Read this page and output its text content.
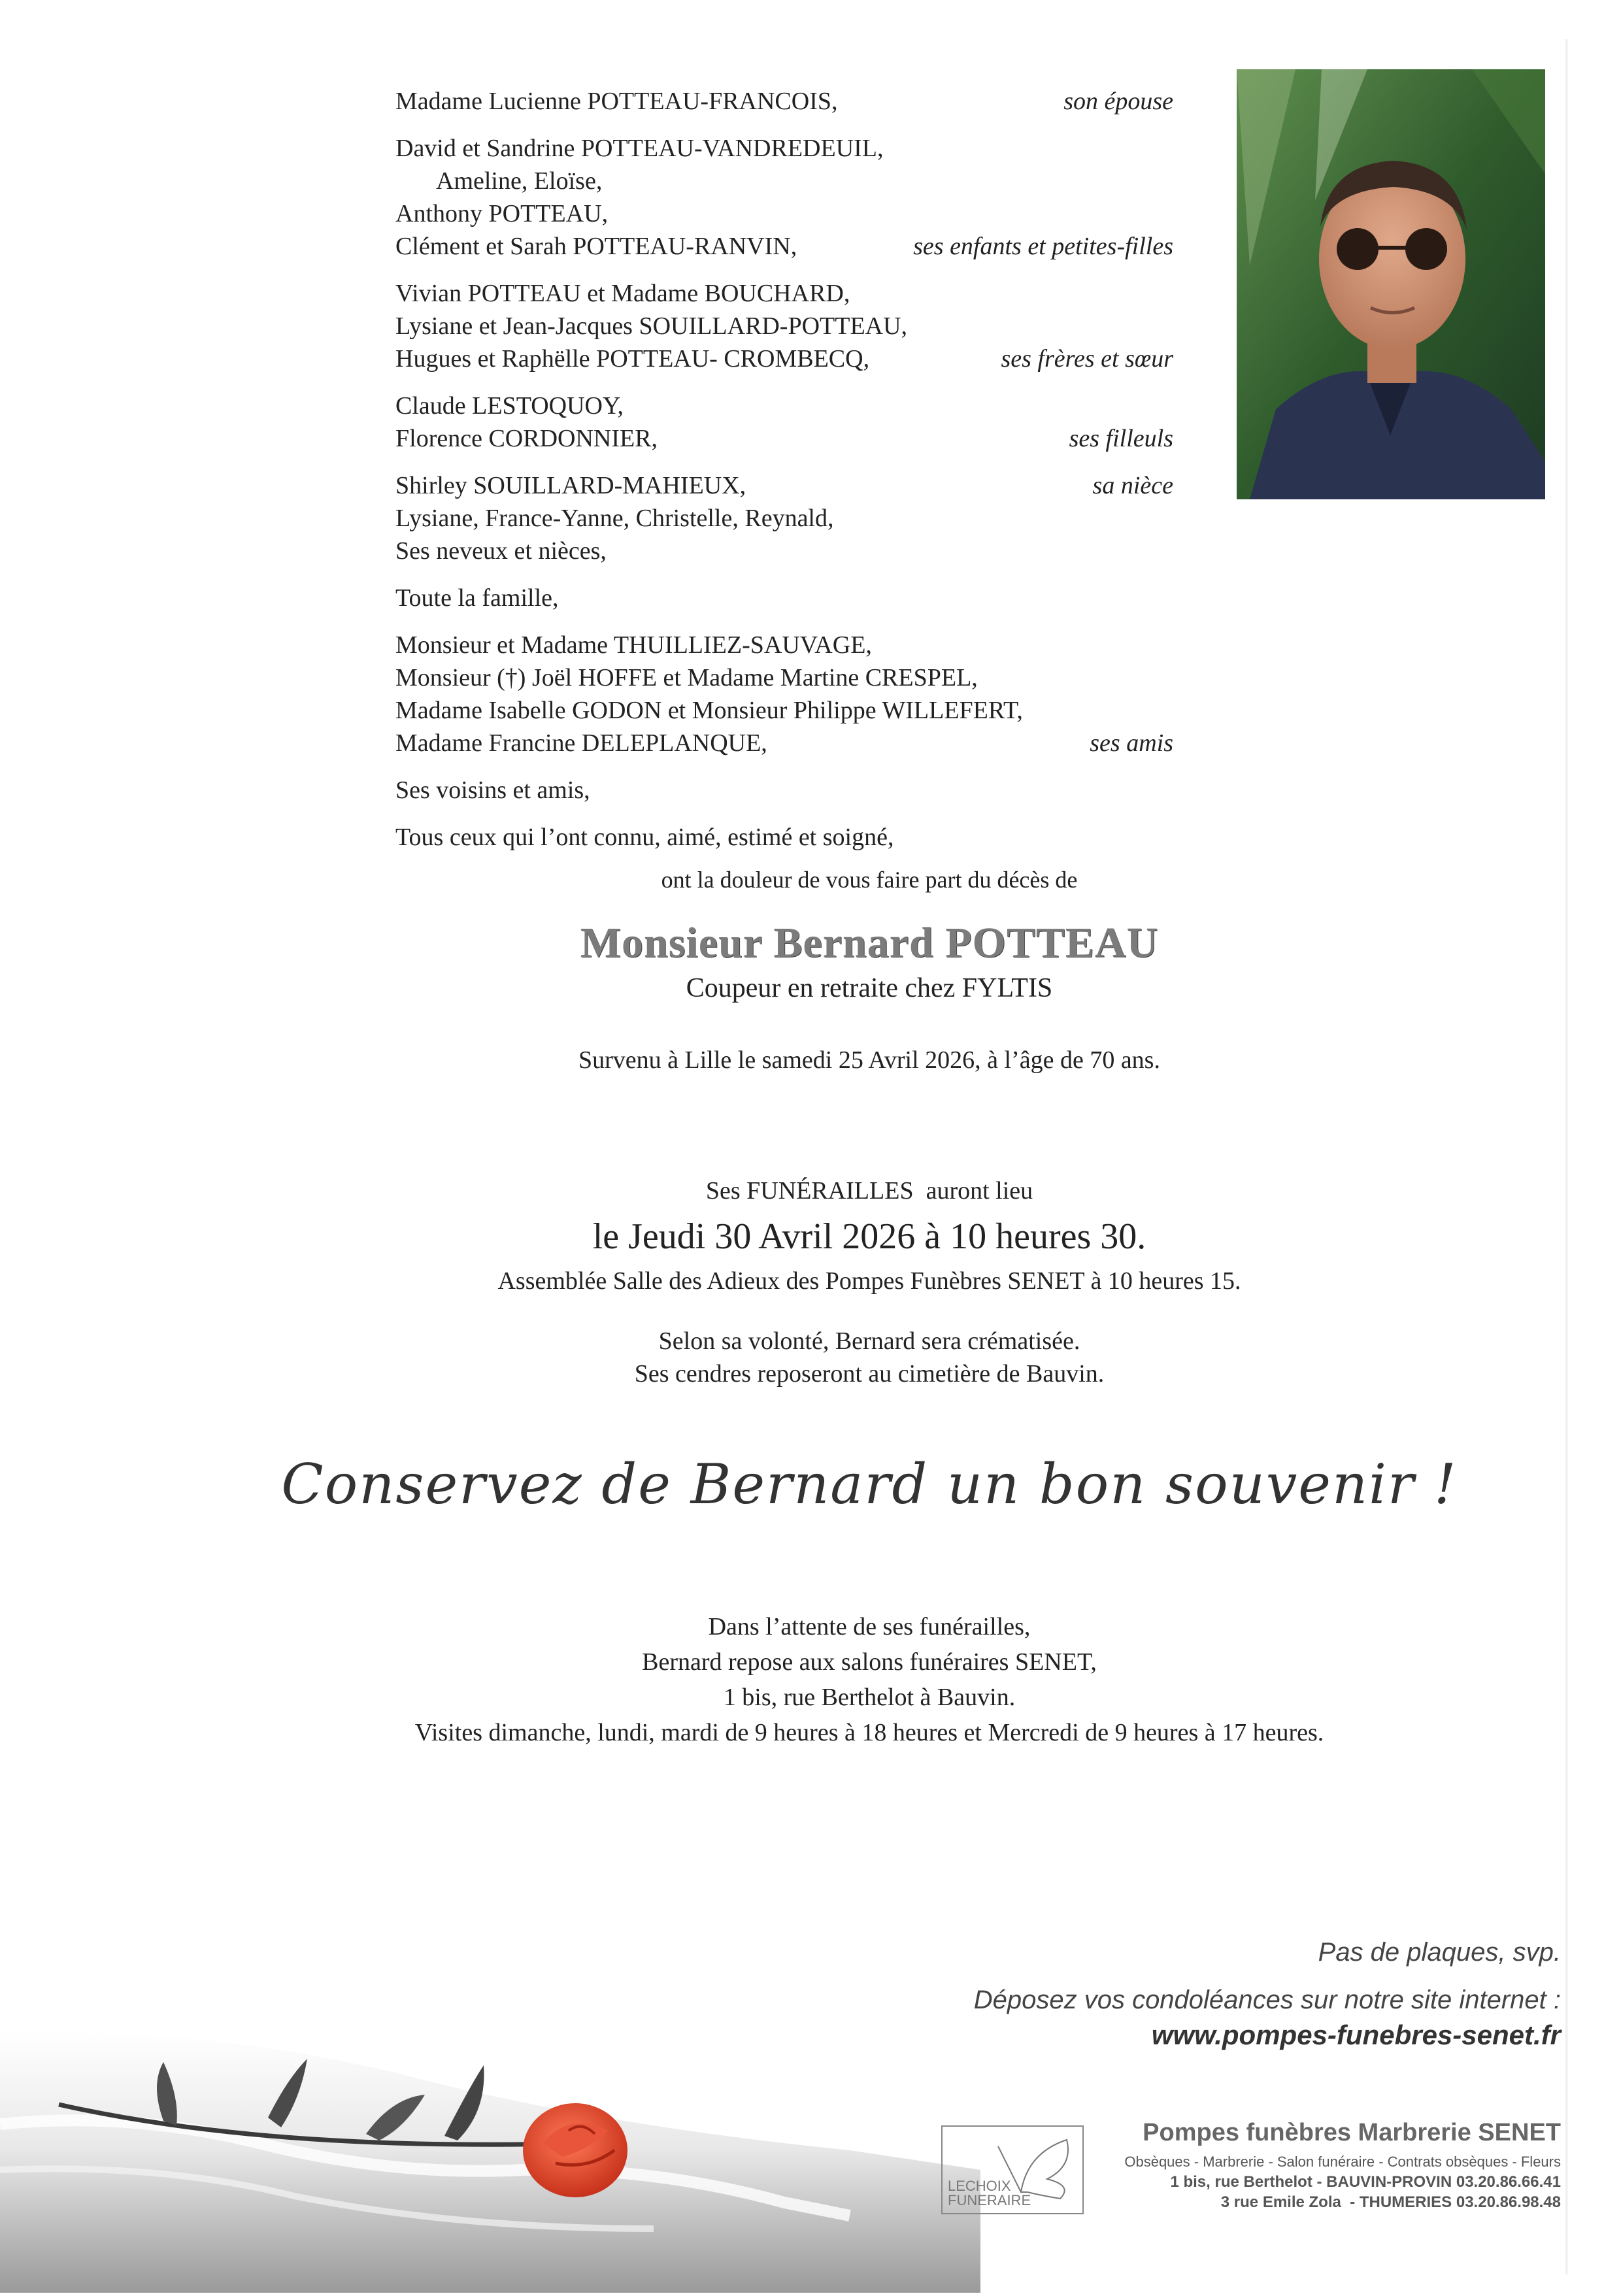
Madame Lucienne POTTEAU-FRANCOIS,	son épouse
David et Sandrine POTTEAU-VANDREDEUIL,
Ameline, Eloïse,
Anthony POTTEAU,
Clément et Sarah POTTEAU-RANVIN,	ses enfants et petites-filles
Vivian POTTEAU et Madame BOUCHARD,
Lysiane et Jean-Jacques SOUILLARD-POTTEAU,
Hugues et Raphëlle POTTEAU- CROMBECQ,	ses frères et sœur
Claude LESTOQUOY,
Florence CORDONNIER,	ses filleuls
Shirley SOUILLARD-MAHIEUX,	sa nièce
Lysiane, France-Yanne, Christelle, Reynald,
Ses neveux et nièces,
Toute la famille,
Monsieur et Madame THUILLIEZ-SAUVAGE,
Monsieur (†) Joël HOFFE et Madame Martine CRESPEL,
Madame Isabelle GODON et Monsieur Philippe WILLEFERT,
Madame Francine DELEPLANQUE,	ses amis
Ses voisins et amis,
Tous ceux qui l’ont connu, aimé, estimé et soigné,
ont la douleur de vous faire part du décès de
Monsieur Bernard POTTEAU
Coupeur en retraite chez FYLTIS
Survenu à Lille le samedi 25 Avril 2026, à l’âge de 70 ans.
Ses FUNÉRAILLES  auront lieu
le Jeudi 30 Avril 2026 à 10 heures 30.
Assemblée Salle des Adieux des Pompes Funèbres SENET à 10 heures 15.
Selon sa volonté, Bernard sera crématisée.
Ses cendres reposeront au cimetière de Bauvin.
Conservez de Bernard un bon souvenir !
Dans l’attente de ses funérailles,
Bernard repose aux salons funéraires SENET,
1 bis, rue Berthelot à Bauvin.
Visites dimanche, lundi, mardi de 9 heures à 18 heures et Mercredi de 9 heures à 17 heures.
Pas de plaques, svp.
Déposez vos condoléances sur notre site internet :
www.pompes-funebres-senet.fr
LECHOIX
FUNERAIRE
Pompes funèbres Marbrerie SENET
Obsèques - Marbrerie - Salon funéraire - Contrats obsèques - Fleurs
1 bis, rue Berthelot - BAUVIN-PROVIN 03.20.86.66.41
3 rue Emile Zola  - THUMERIES 03.20.86.98.48
